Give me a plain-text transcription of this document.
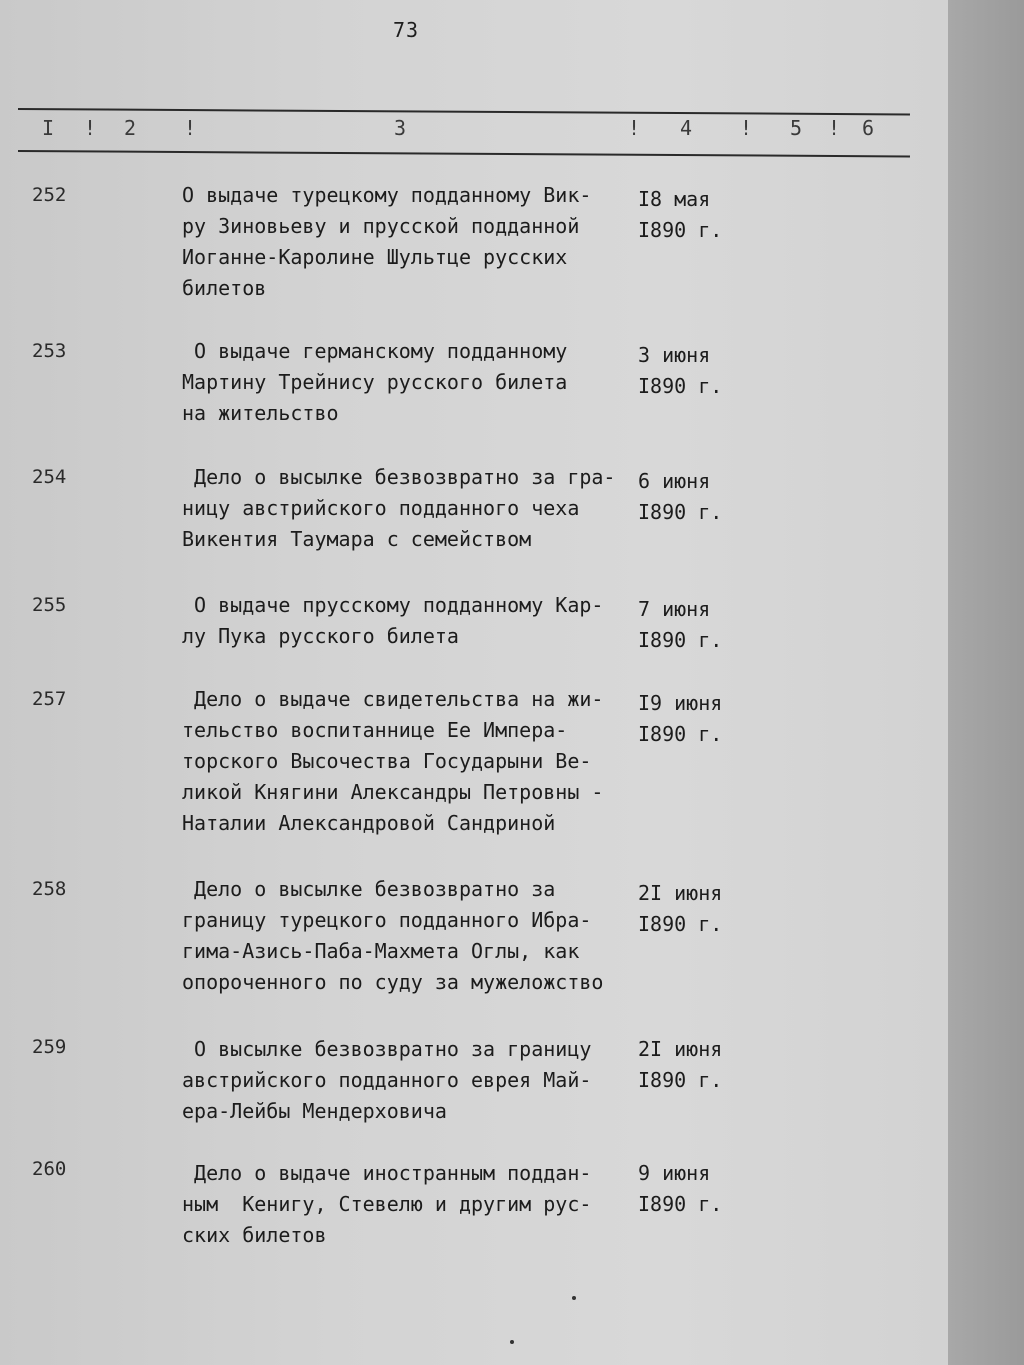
73
I ! 2 !	3	! 4 ! 5 ! 6
252	О выдаче турецкому подданному Вик-
ру Зиновьеву и прусской подданной
Иоганне-Каролине Шультце русских
билетов
I8 мая
I890 г.
253	О выдаче германскому подданному
Мартину Трейнису русского билета
на жительство
3 июня
I890 г.
254	Дело о высылке безвозвратно за гра-
ницу австрийского подданного чеха
Викентия Таумара с семейством
6 июня
I890 г.
255	О выдаче прусскому подданному Кар-
лу Пука русского билета
7 июня
I890 г.
257	Дело о выдаче свидетельства на жи-
тельство воспитаннице Ее Импера-
торского Высочества Государыни Ве-
ликой Княгини Александры Петровны -
Наталии Александровой Сандриной
I9 июня
I890 г.
258	Дело о высылке безвозвратно за
границу турецкого подданного Ибра-
гима-Азись-Паба-Махмета Оглы, как
опороченного по суду за мужеложство
2I июня
I890 г.
259	О высылке безвозвратно за границу
австрийского подданного еврея Май-
ера-Лейбы Мендерховича
2I июня
I890 г.
260	Дело о выдаче иностранным поддан-
ным  Кенигу, Стевелю и другим рус-
ских билетов
9 июня
I890 г.
